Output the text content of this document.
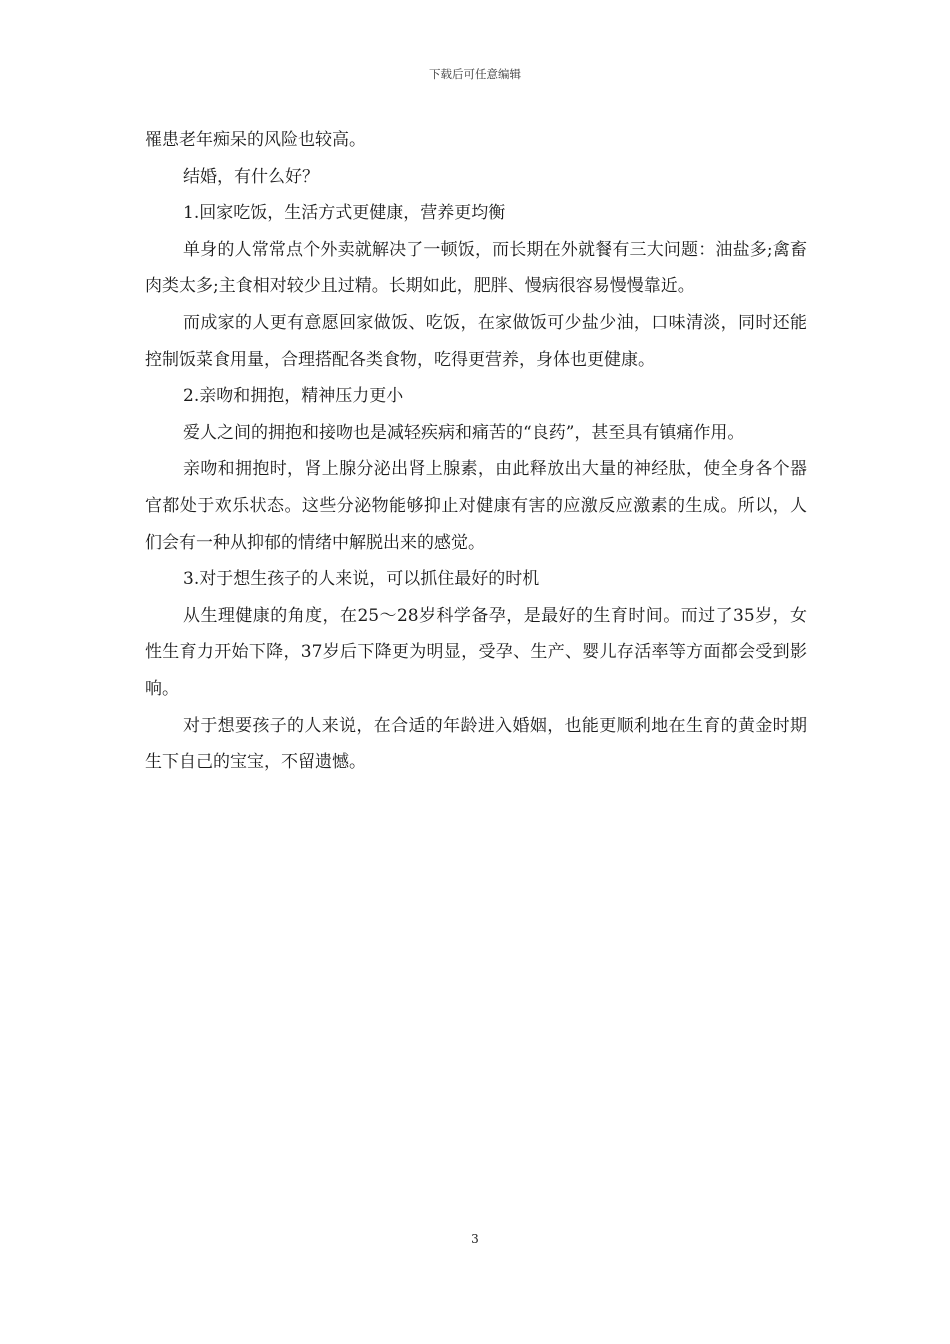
下载后可任意编辑

罹患老年痴呆的风险也较高。

结婚，有什么好？

1.回家吃饭，生活方式更健康，营养更均衡

单身的人常常点个外卖就解决了一顿饭，而长期在外就餐有三大问题：油盐多;禽畜肉类太多;主食相对较少且过精。长期如此，肥胖、慢病很容易慢慢靠近。

而成家的人更有意愿回家做饭、吃饭，在家做饭可少盐少油，口味清淡，同时还能控制饭菜食用量，合理搭配各类食物，吃得更营养，身体也更健康。

2.亲吻和拥抱，精神压力更小

爱人之间的拥抱和接吻也是减轻疾病和痛苦的“良药”，甚至具有镇痛作用。

亲吻和拥抱时，肾上腺分泌出肾上腺素，由此释放出大量的神经肽，使全身各个器官都处于欢乐状态。这些分泌物能够抑止对健康有害的应激反应激素的生成。所以，人们会有一种从抑郁的情绪中解脱出来的感觉。

3.对于想生孩子的人来说，可以抓住最好的时机

从生理健康的角度，在25～28岁科学备孕，是最好的生育时间。而过了35岁，女性生育力开始下降，37岁后下降更为明显，受孕、生产、婴儿存活率等方面都会受到影响。

对于想要孩子的人来说，在合适的年龄进入婚姻，也能更顺利地在生育的黄金时期生下自己的宝宝，不留遗憾。

3
